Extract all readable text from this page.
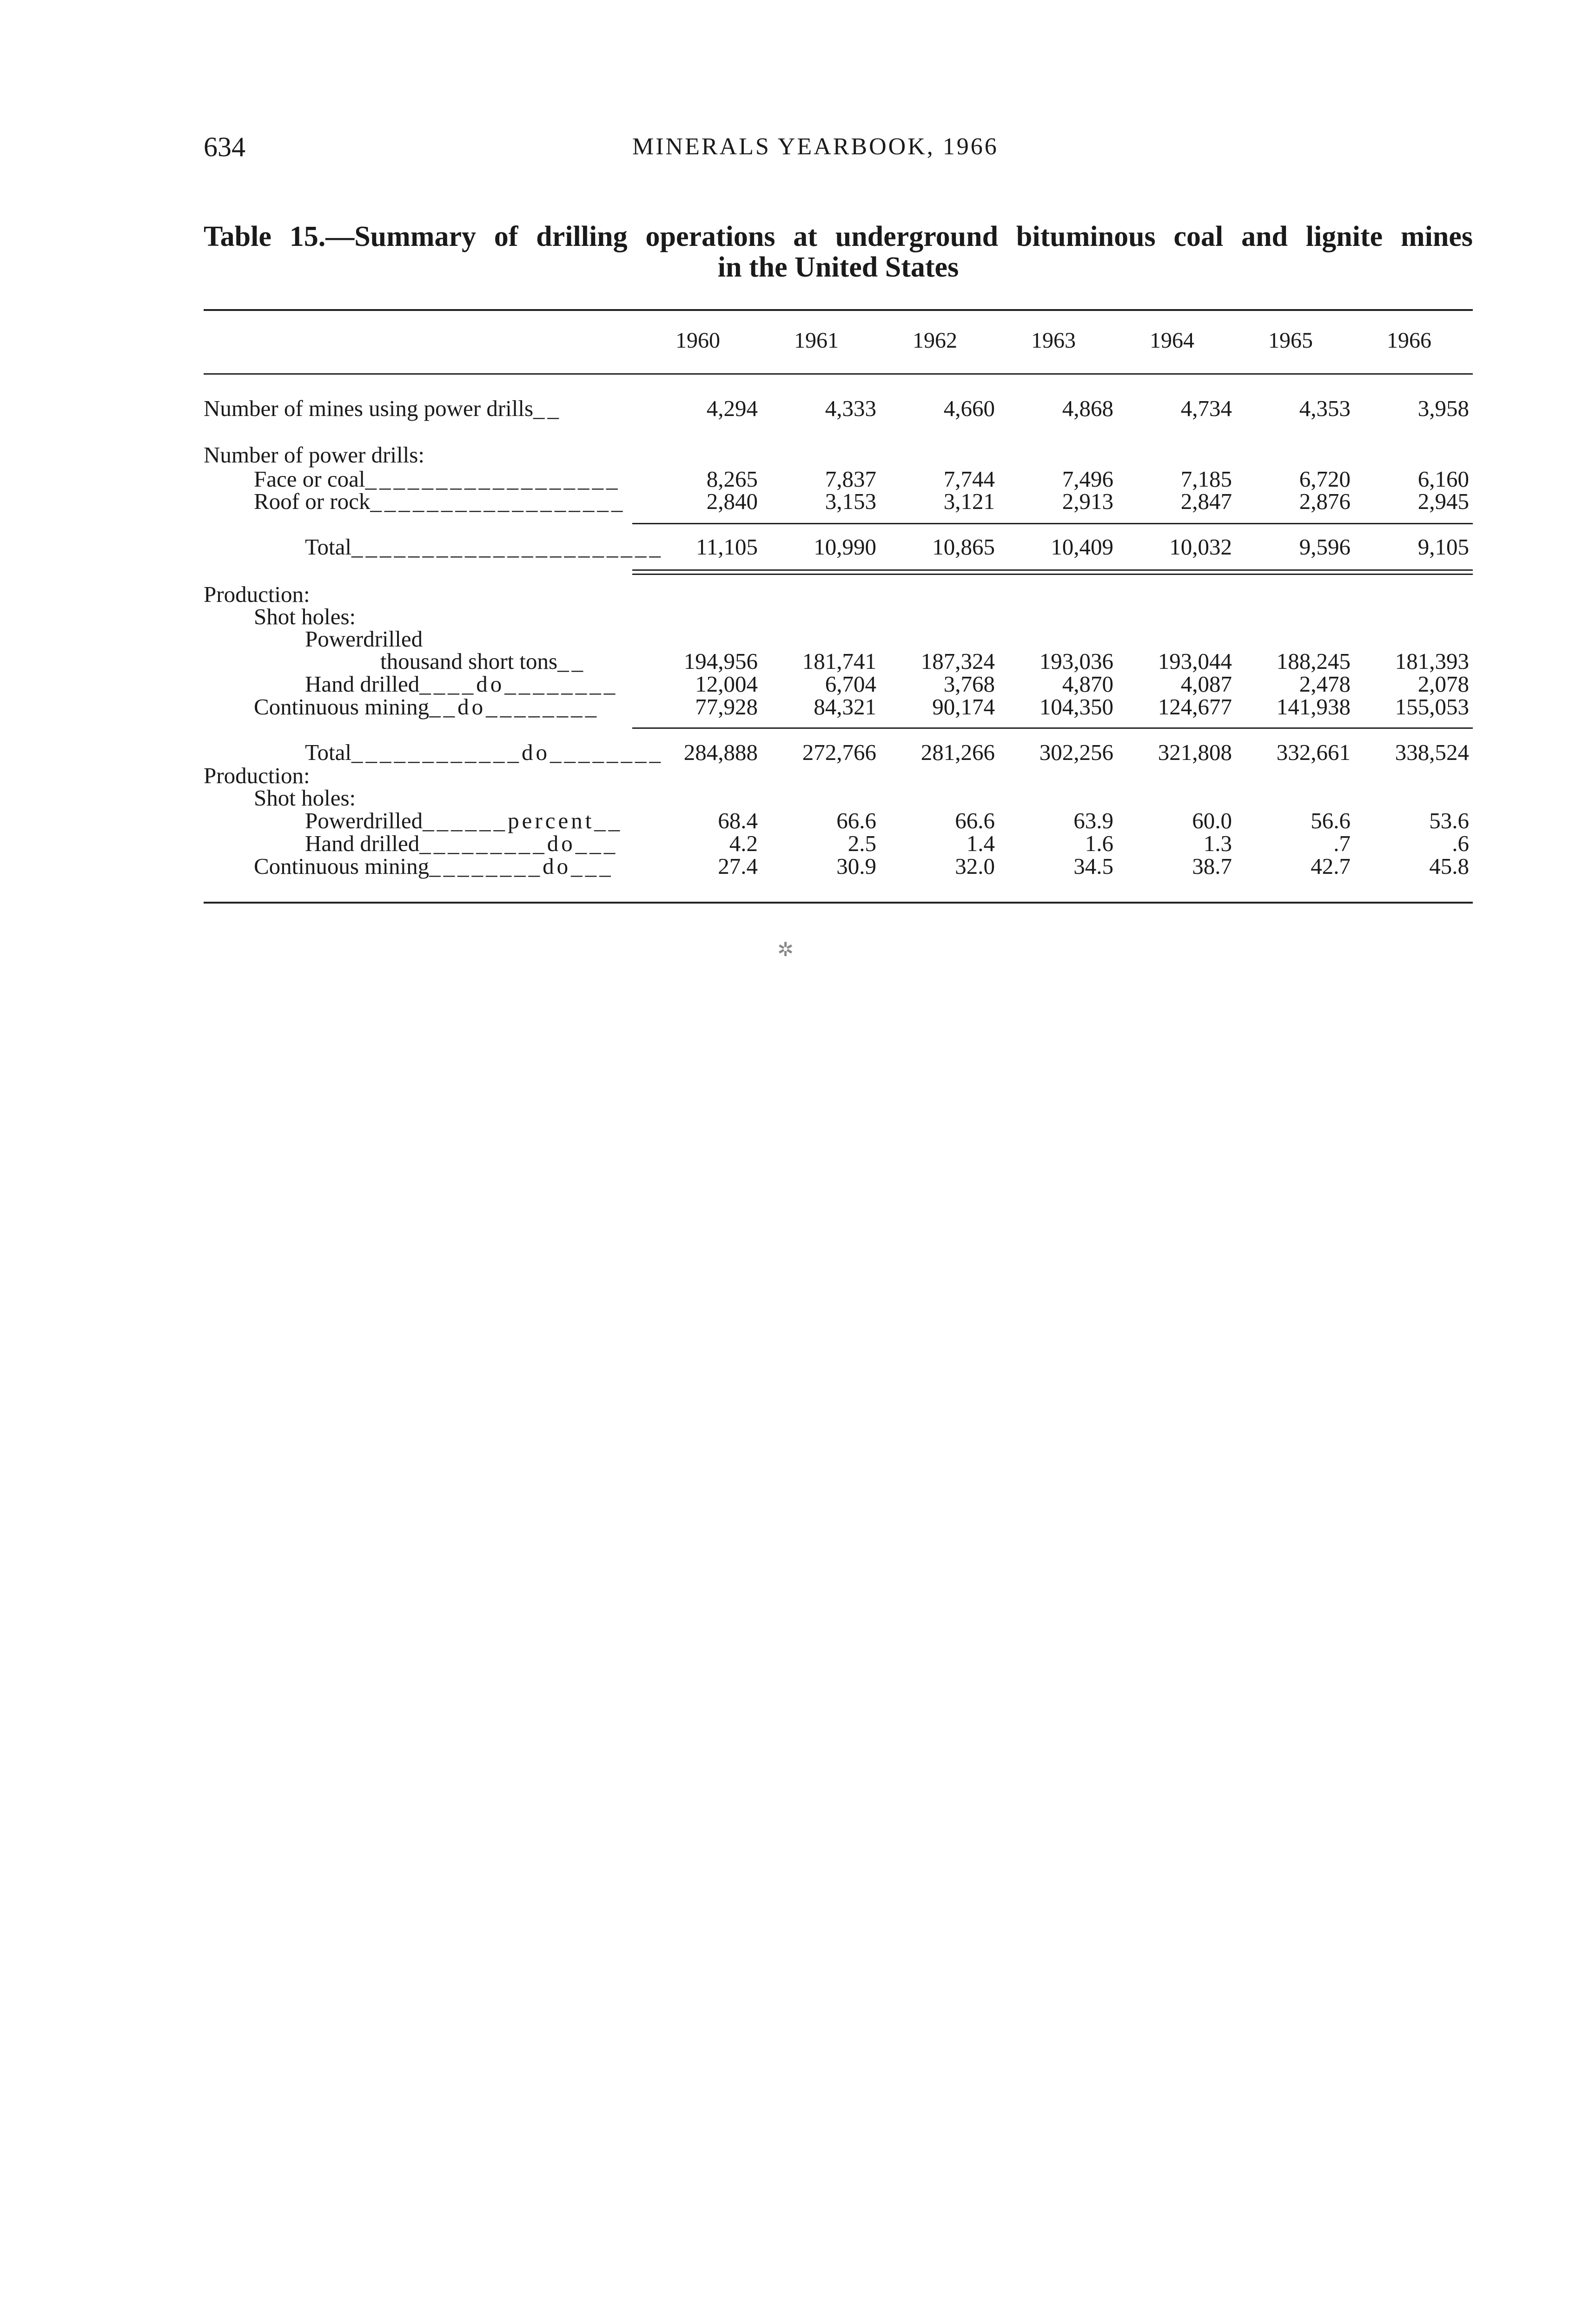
634	MINERALS YEARBOOK, 1966
Table 15.—Summary of drilling operations at underground bituminous coal and lignite mines
in the United States
1960	1961	1962	1963	1964	1965	1966
Number of mines using power drills__	4,294	4,333	4,660	4,868	4,734	4,353	3,958
Number of power drills:
Face or coal__________________	8,265	7,837	7,744	7,496	7,185	6,720	6,160
Roof or rock__________________	2,840	3,153	3,121	2,913	2,847	2,876	2,945
Total______________________	11,105	10,990	10,865	10,409	10,032	9,596	9,105
Production:
Shot holes:
Powerdrilled
thousand short tons__	194,956	181,741	187,324	193,036	193,044	188,245	181,393
Hand drilled____do________	12,004	6,704	3,768	4,870	4,087	2,478	2,078
Continuous mining__do________	77,928	84,321	90,174	104,350	124,677	141,938	155,053
Total____________do________ 284,888	272,766	281,266	302,256	321,808	332,661	338,524
Production:
Shot holes:
Powerdrilled______percent__	68.4	66.6	66.6	63.9	60.0	56.6	53.6
Hand drilled_________do___	4.2	2.5	1.4	1.6	1.3	.7	.6
Continuous mining________do___	27.4	30.9	32.0	34.5	38.7	42.7	45.8
✲
